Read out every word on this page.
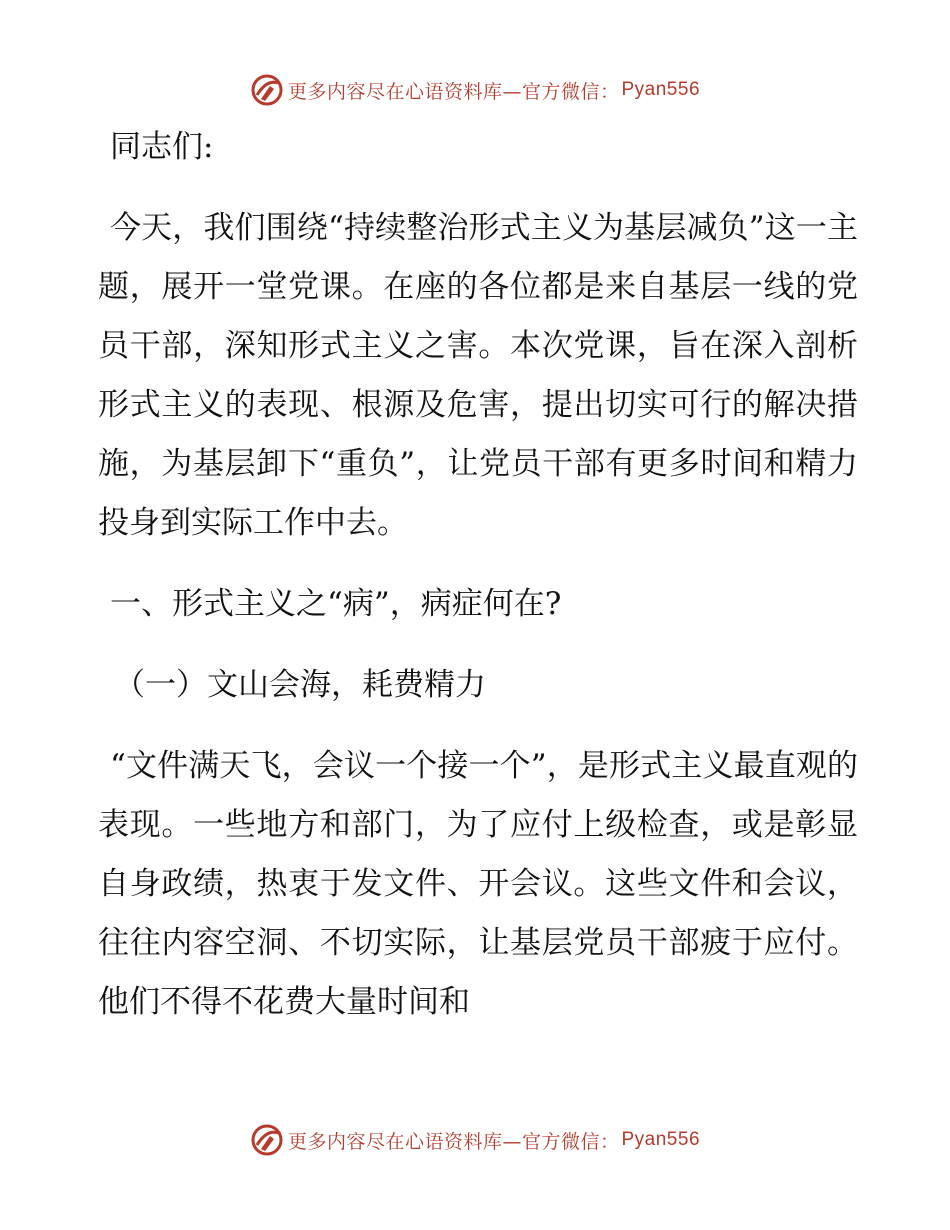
更多内容尽在心语资料库—官方微信： Pyan556

同志们:

今天，我们围绕“持续整治形式主义为基层减负”这一主题，展开一堂党课。在座的各位都是来自基层一线的党员干部，深知形式主义之害。本次党课，旨在深入剖析形式主义的表现、根源及危害，提出切实可行的解决措施，为基层卸下“重负”，让党员干部有更多时间和精力投身到实际工作中去。

一、形式主义之“病”，病症何在?

（一）文山会海，耗费精力

“文件满天飞，会议一个接一个”，是形式主义最直观的表现。一些地方和部门，为了应付上级检查，或是彰显自身政绩，热衷于发文件、开会议。这些文件和会议，往往内容空洞、不切实际，让基层党员干部疲于应付。他们不得不花费大量时间和

更多内容尽在心语资料库—官方微信： Pyan556
